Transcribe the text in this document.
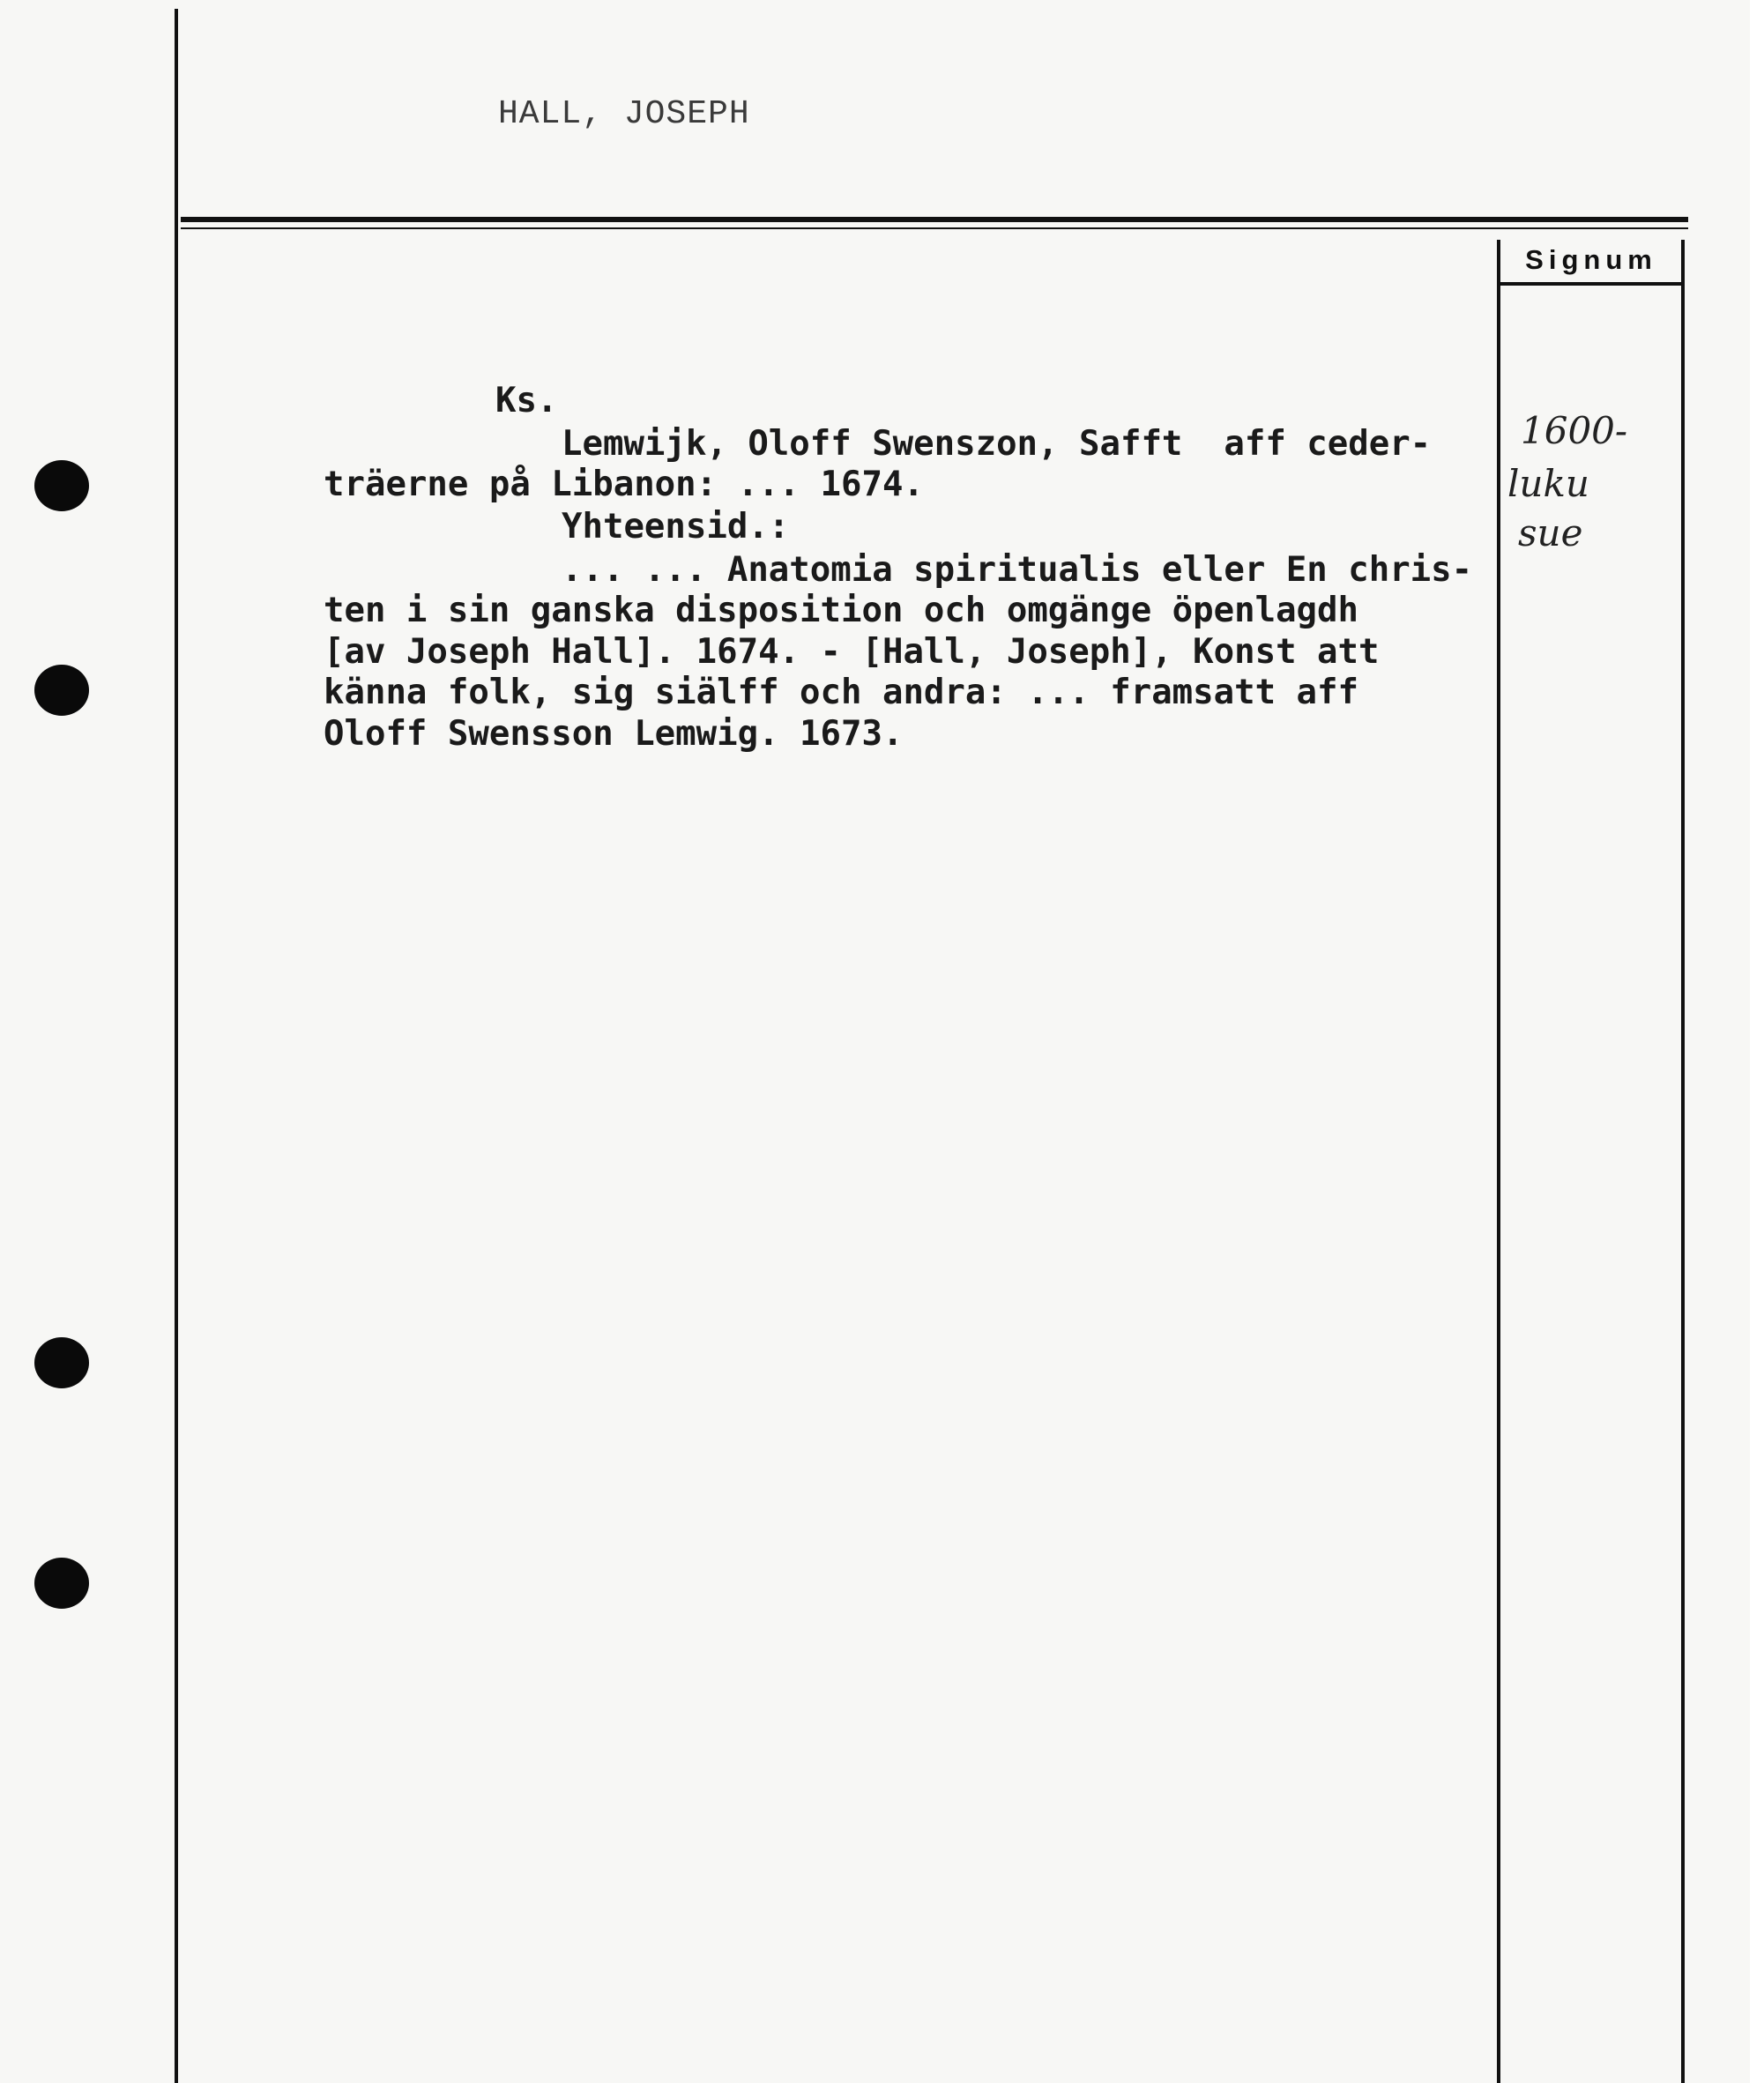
HALL, JOSEPH
Signum
1600-
luku
sue
Ks.
Lemwijk, Oloff Swenszon, Safft  aff ceder-
träerne på Libanon: ... 1674.
Yhteensid.:
... ... Anatomia spiritualis eller En chris-
ten i sin ganska disposition och omgänge öpenlagdh
[av Joseph Hall]. 1674. - [Hall, Joseph], Konst att
känna folk, sig siälff och andra: ... framsatt aff
Oloff Swensson Lemwig. 1673.
